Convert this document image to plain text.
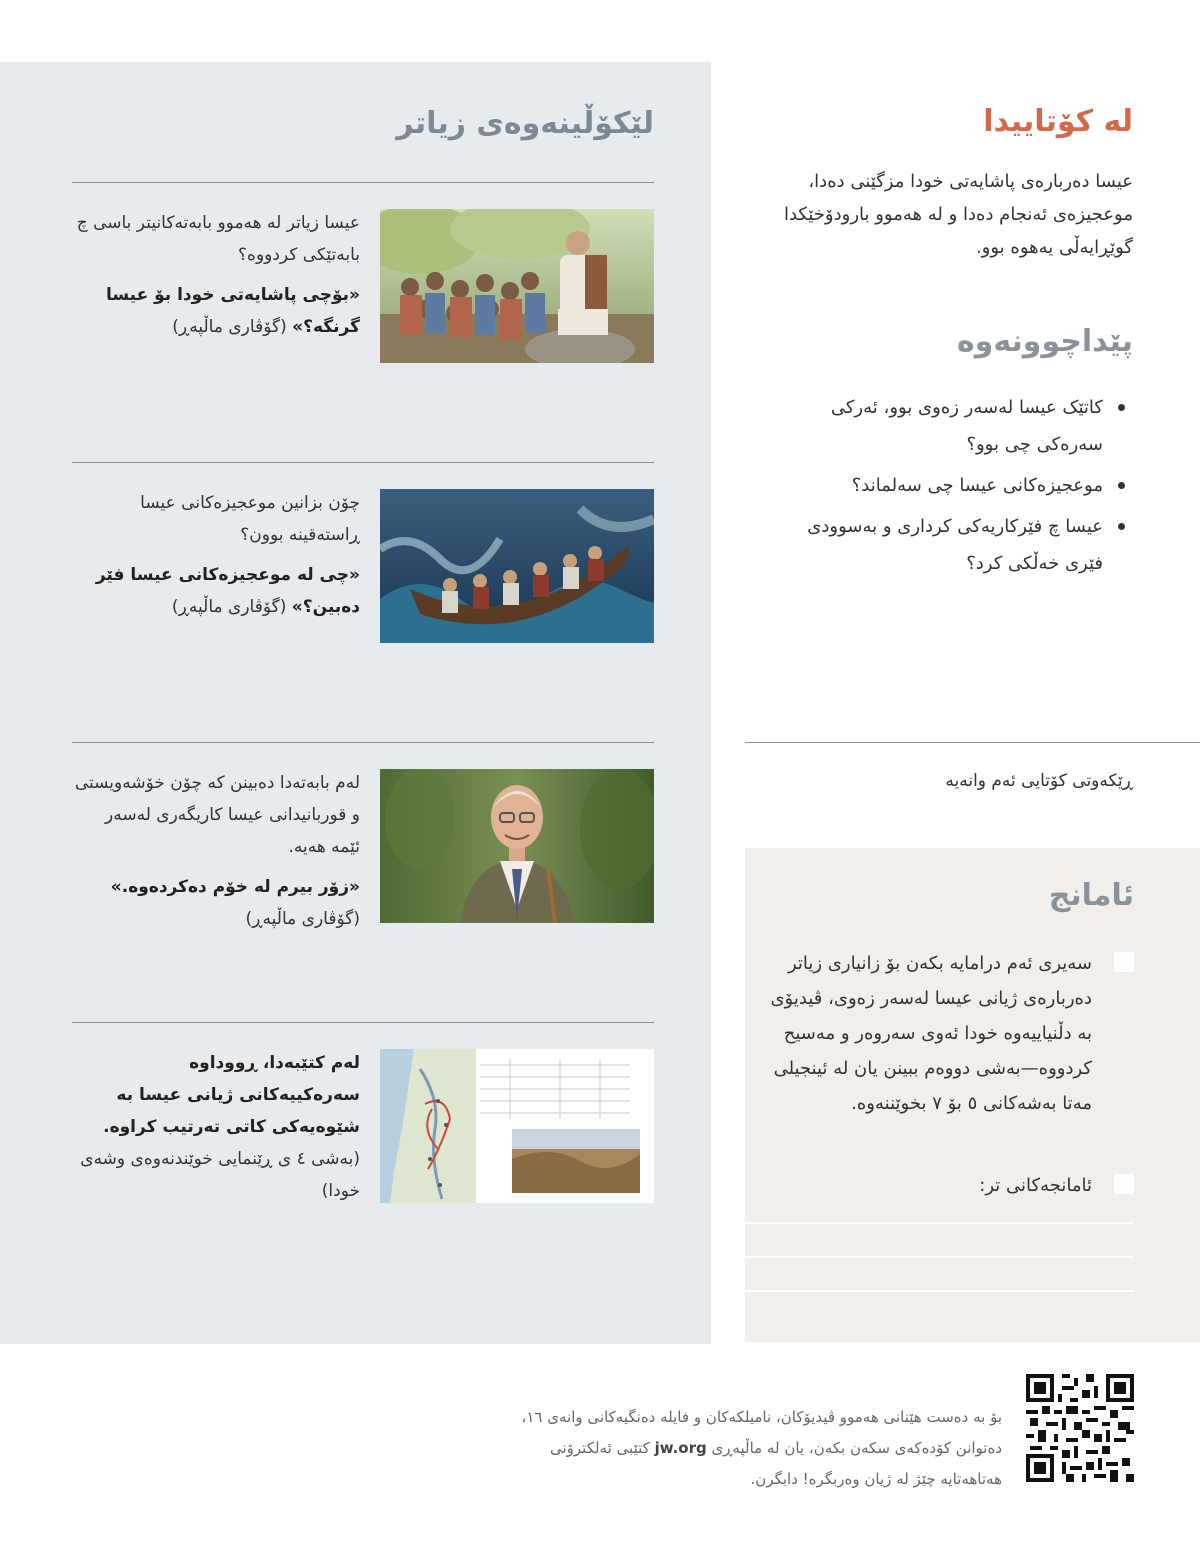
لێکۆڵینەوەی زیاتر
عیسا زیاتر لە هەموو بابەتەکانیتر باسی چ بابەتێکی کردووە؟
«بۆچی پاشایەتی خودا بۆ عیسا گرنگە؟» (گۆڤاری ماڵپەڕ)
چۆن بزانین موعجیزەکانی عیسا ڕاستەقینە بوون؟
«چی لە موعجیزەکانی عیسا فێر دەبین؟» (گۆڤاری ماڵپەڕ)
لەم بابەتەدا دەبینن کە چۆن خۆشەویستی و قوربانیدانی عیسا کاریگەری لەسەر ئێمە هەیە.
«زۆر بیرم لە خۆم دەکردەوە.» (گۆڤاری ماڵپەڕ)
لەم کتێبەدا، ڕووداوە سەرەکییەکانی ژیانی عیسا بە شێوەیەکی کاتی تەرتیب کراوە. (بەشی ٤ ی ڕێنمایی خوێندنەوەی وشەی خودا)
لە کۆتاییدا
عیسا دەربارەی پاشایەتی خودا مزگێنی دەدا، موعجیزەی ئەنجام دەدا و لە هەموو بارودۆخێکدا گوێڕایەڵی یەهوە بوو.
پێداچوونەوە
کاتێک عیسا لەسەر زەوی بوو، ئەرکی سەرەکی چی بوو؟
موعجیزەکانی عیسا چی سەلماند؟
عیسا چ فێرکاریەکی کرداری و بەسوودی فێری خەڵکی کرد؟
ڕێکەوتی کۆتایی ئەم وانەیە
ئامانج
سەیری ئەم درامایە بکەن بۆ زانیاری زیاتر دەربارەی ژیانی عیسا لەسەر زەوی، ڤیدیۆی بە دڵنیاییەوە خودا ئەوی سەروەر و مەسیح کردووە—بەشی دووەم ببینن یان لە ئینجیلی مەتا بەشەکانی ٥ بۆ ٧ بخوێننەوە.
ئامانجەکانی تر:
بۆ بە دەست هێنانی هەموو ڤیدیۆکان، نامیلکەکان و فایلە دەنگیەکانی وانەی ١٦، دەتوانن کۆدەکەی سکەن بکەن، یان لە ماڵپەڕی jw.org کتێبی ئەلکترۆنی هەتاهەتایە چێژ لە ژیان وەربگرە! دابگرن.
